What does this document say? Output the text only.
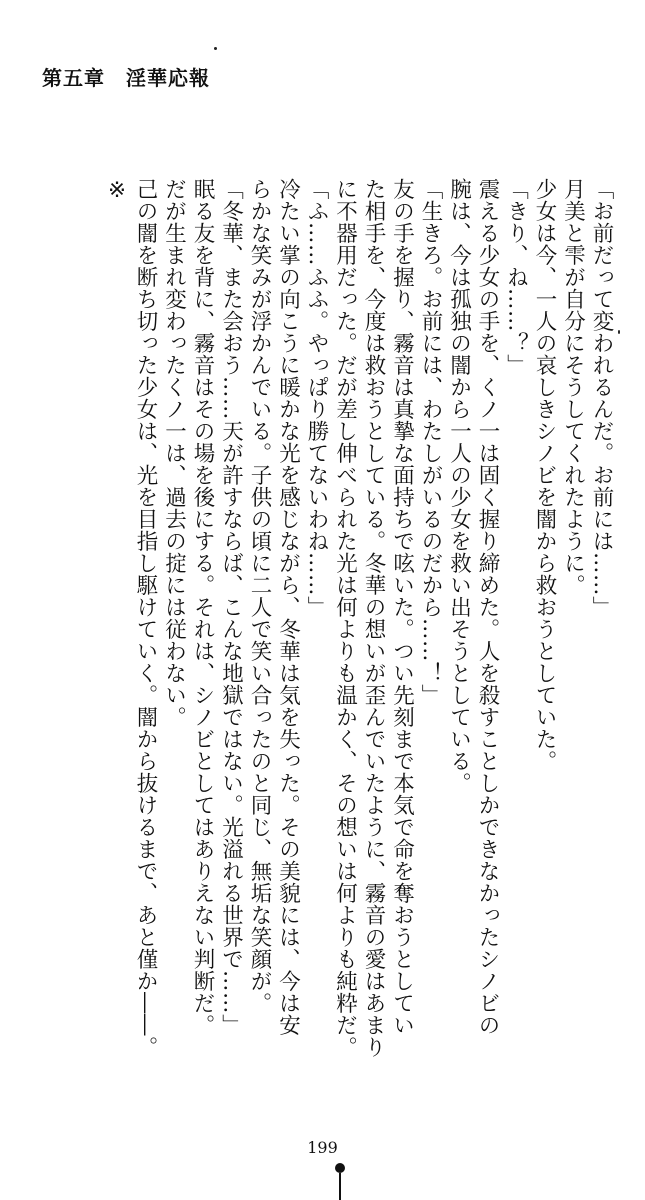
第五章　淫華応報
「お前だって変われるんだ。お前には……」
月美と雫が自分にそうしてくれたように。
少女は今、一人の哀しきシノビを闇から救おうとしていた。
「きり、ね……？」
震える少女の手を、くノ一は固く握り締めた。人を殺すことしかできなかったシノビの
腕は、今は孤独の闇から一人の少女を救い出そうとしている。
「生きろ。お前には、わたしがいるのだから……！」
友の手を握り、霧音は真摯な面持ちで呟いた。つい先刻まで本気で命を奪おうとしてい
た相手を、今度は救おうとしている。冬華の想いが歪んでいたように、霧音の愛はあまり
に不器用だった。だが差し伸べられた光は何よりも温かく、その想いは何よりも純粋だ。
「ふ……ふふ。やっぱり勝てないわね……」
冷たい掌の向こうに暖かな光を感じながら、冬華は気を失った。その美貌には、今は安
らかな笑みが浮かんでいる。子供の頃に二人で笑い合ったのと同じ、無垢な笑顔が。
「冬華、また会おう……天が許すならば、こんな地獄ではない。光溢れる世界で……」
眠る友を背に、霧音はその場を後にする。それは、シノビとしてはありえない判断だ。
だが生まれ変わったくノ一は、過去の掟には従わない。
己の闇を断ち切った少女は、光を目指し駆けていく。闇から抜けるまで、あと僅か――。
※
199
